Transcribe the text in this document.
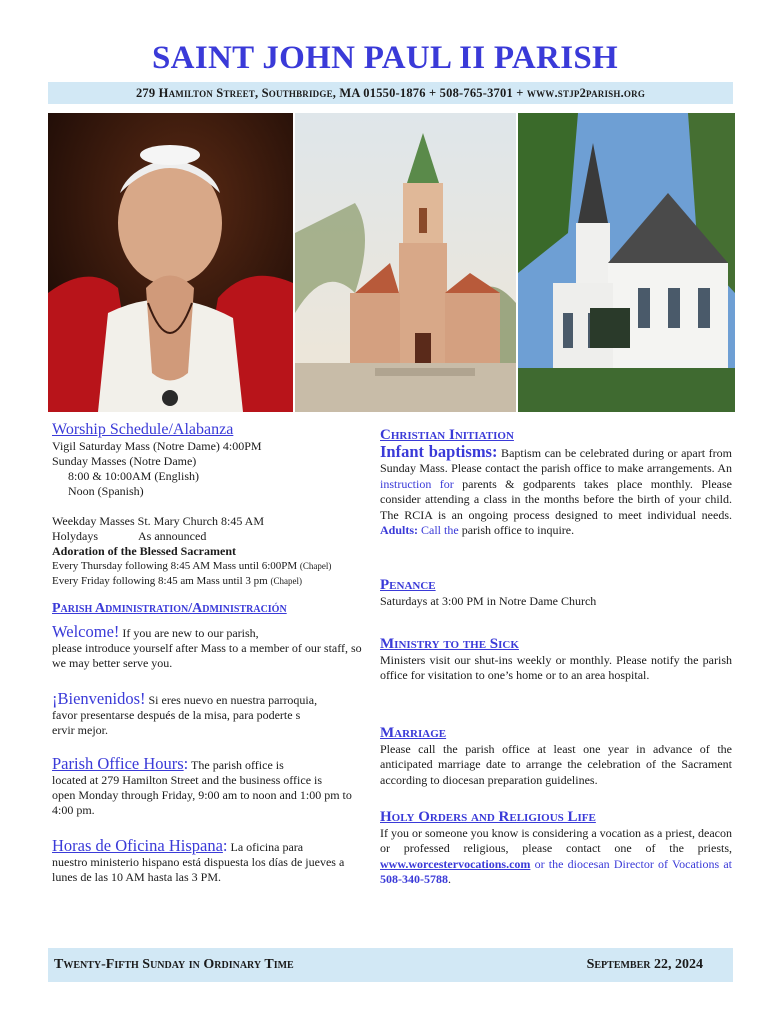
SAINT JOHN PAUL II PARISH
279 Hamilton Street, Southbridge, MA 01550-1876 + 508-765-3701 + www.stjp2parish.org
Worship Schedule/Alabanza

Vigil Saturday Mass (Notre Dame) 4:00PM

Sunday Masses (Notre Dame)

8:00 & 10:00AM (English)

Noon (Spanish)

Weekday Masses St. Mary Church 8:45 AM

Holydays	As announced

Adoration of the Blessed Sacrament

Every Thursday following 8:45 AM Mass until 6:00PM (Chapel)

Every Friday following 8:45 am Mass until 3 pm (Chapel)

Parish Administration/Administración

Welcome! If you are new to our parish,
please introduce yourself after Mass to a member of our staff, so we may better serve you.

¡Bienvenidos! Si eres nuevo en nuestra parroquia,
favor presentarse después de la misa, para poderte s
ervir mejor.

Parish Office Hours: The parish office is
located at 279 Hamilton Street and the business office is
open Monday through Friday, 9:00 am to noon and 1:00 pm to 4:00 pm.

Horas de Oficina Hispana: La oficina para
nuestro ministerio hispano está dispuesta los días de jueves a lunes de las 10 AM hasta las 3 PM.

Christian Initiation

Infant baptisms: Baptism can be celebrated during or apart from Sunday Mass. Please contact the parish office to make arrangements. An instruction for parents & godparents takes place monthly. Please consider attending a class in the months before the birth of your child. The RCIA is an ongoing process designed to meet individual needs. Adults: Call the parish office to inquire.

Penance

Saturdays at 3:00 PM in Notre Dame Church

Ministry to the Sick

Ministers visit our shut-ins weekly or monthly. Please notify the parish office for visitation to one’s home or to an area hospital.

Marriage

Please call the parish office at least one year in advance of the anticipated marriage date to arrange the celebration of the Sacrament according to diocesan preparation guidelines.

Holy Orders and Religious Life

If you or someone you know is considering a vocation as a priest, deacon or professed religious, please contact one of the priests, www.worcestervocations.com or the diocesan Director of Vocations at 508-340-5788.

Twenty-Fifth Sunday in Ordinary Time	September 22, 2024
